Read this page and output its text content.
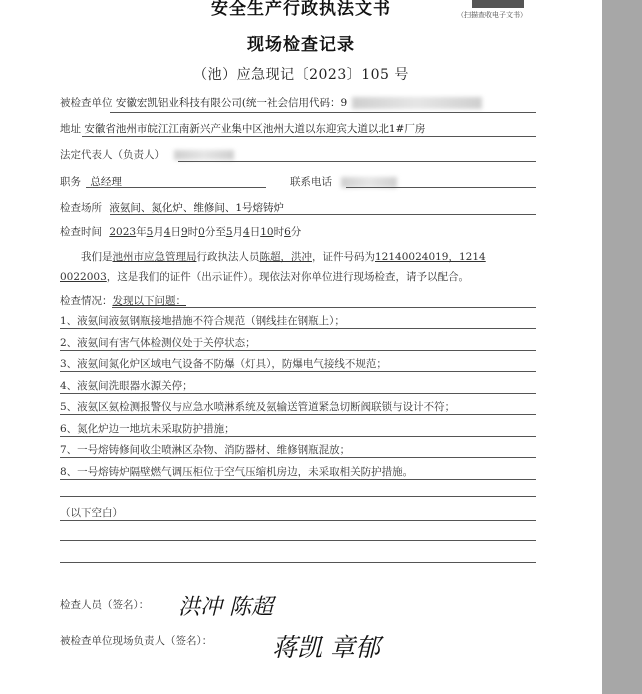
（扫描查收电子文书）
安全生产行政执法文书
现场检查记录
（池）应急现记〔2023〕105 号
被检查单位 安徽宏凯铝业科技有限公司(统一社会信用代码：9
地址 安徽省池州市皖江江南新兴产业集中区池州大道以东迎宾大道以北1#厂房
法定代表人（负责人）
职务 总经理	联系电话
检查场所 液氨间、氮化炉、维修间、1号熔铸炉
检查时间 2023年5月4日9时0分至5月4日10时6分
我们是池州市应急管理局行政执法人员陈超，洪冲，证件号码为12140024019，1214
0022003，这是我们的证件（出示证件）。现依法对你单位进行现场检查，请予以配合。
检查情况：发现以下问题：
1、液氨间液氨钢瓶接地措施不符合规范（钢线挂在钢瓶上）；
2、液氨间有害气体检测仪处于关停状态；
3、液氨间氮化炉区域电气设备不防爆（灯具），防爆电气接线不规范；
4、液氨间洗眼器水源关停；
5、液氨区氨检测报警仪与应急水喷淋系统及氨输送管道紧急切断阀联锁与设计不符；
6、氮化炉边一地坑未采取防护措施；
7、一号熔铸修间收尘喷淋区杂物、消防器材、维修钢瓶混放；
8、一号熔铸炉隔壁燃气调压柜位于空气压缩机房边，未采取相关防护措施。
（以下空白）
检查人员（签名）： 洪冲 陈超
被检查单位现场负责人（签名）： 蒋凯 章郁
